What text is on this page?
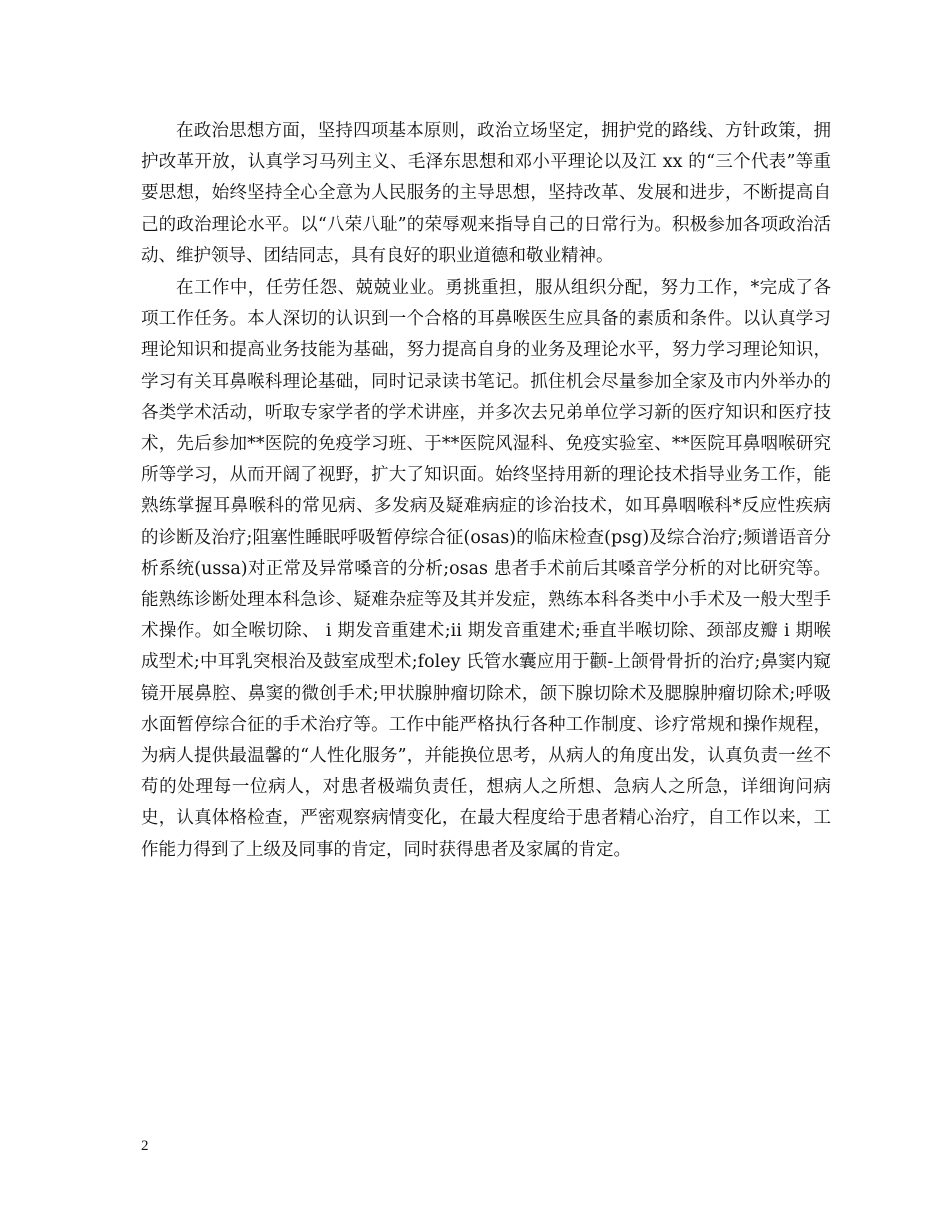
在政治思想方面，坚持四项基本原则，政治立场坚定，拥护党的路线、方针政策，拥护改革开放，认真学习马列主义、毛泽东思想和邓小平理论以及江 xx 的“三个代表”等重要思想，始终坚持全心全意为人民服务的主导思想，坚持改革、发展和进步，不断提高自己的政治理论水平。以“八荣八耻”的荣辱观来指导自己的日常行为。积极参加各项政治活动、维护领导、团结同志，具有良好的职业道德和敬业精神。

在工作中，任劳任怨、兢兢业业。勇挑重担，服从组织分配，努力工作，*完成了各项工作任务。本人深切的认识到一个合格的耳鼻喉医生应具备的素质和条件。以认真学习理论知识和提高业务技能为基础，努力提高自身的业务及理论水平，努力学习理论知识，学习有关耳鼻喉科理论基础，同时记录读书笔记。抓住机会尽量参加全家及市内外举办的各类学术活动，听取专家学者的学术讲座，并多次去兄弟单位学习新的医疗知识和医疗技术，先后参加**医院的免疫学习班、于**医院风湿科、免疫实验室、**医院耳鼻咽喉研究所等学习，从而开阔了视野，扩大了知识面。始终坚持用新的理论技术指导业务工作，能熟练掌握耳鼻喉科的常见病、多发病及疑难病症的诊治技术，如耳鼻咽喉科*反应性疾病的诊断及治疗;阻塞性睡眠呼吸暂停综合征(osas)的临床检查(psg)及综合治疗;频谱语音分析系统(ussa)对正常及异常嗓音的分析;osas 患者手术前后其嗓音学分析的对比研究等。能熟练诊断处理本科急诊、疑难杂症等及其并发症，熟练本科各类中小手术及一般大型手术操作。如全喉切除、 i 期发音重建术;ii 期发音重建术;垂直半喉切除、颈部皮瓣 i 期喉成型术;中耳乳突根治及鼓室成型术;foley 氏管水囊应用于颧-上颌骨骨折的治疗;鼻窦内窥镜开展鼻腔、鼻窦的微创手术;甲状腺肿瘤切除术，颌下腺切除术及腮腺肿瘤切除术;呼吸水面暂停综合征的手术治疗等。工作中能严格执行各种工作制度、诊疗常规和操作规程，为病人提供最温馨的“人性化服务”，并能换位思考，从病人的角度出发，认真负责一丝不苟的处理每一位病人，对患者极端负责任，想病人之所想、急病人之所急，详细询问病史，认真体格检查，严密观察病情变化，在最大程度给于患者精心治疗，自工作以来，工作能力得到了上级及同事的肯定，同时获得患者及家属的肯定。

2
